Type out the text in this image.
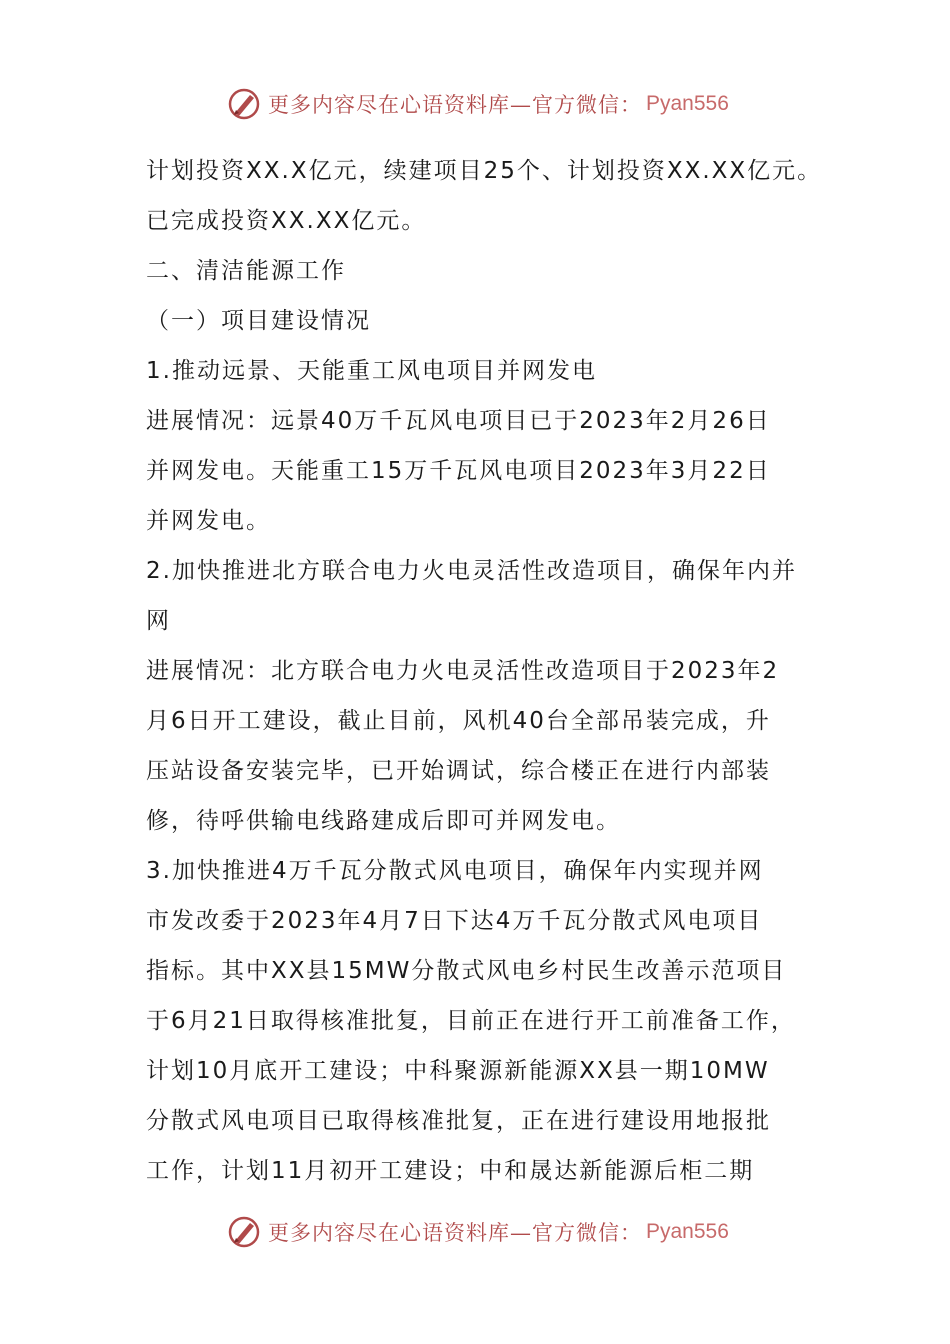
更多内容尽在心语资料库—官方微信： Pyan556
计划投资XX.X亿元，续建项目25个、计划投资XX.XX亿元。
已完成投资XX.XX亿元。
二、清洁能源工作
（一）项目建设情况
1.推动远景、天能重工风电项目并网发电
进展情况：远景40万千瓦风电项目已于2023年2月26日
并网发电。天能重工15万千瓦风电项目2023年3月22日
并网发电。
2.加快推进北方联合电力火电灵活性改造项目，确保年内并
网
进展情况：北方联合电力火电灵活性改造项目于2023年2
月6日开工建设，截止目前，风机40台全部吊装完成，升
压站设备安装完毕，已开始调试，综合楼正在进行内部装
修，待呼供输电线路建成后即可并网发电。
3.加快推进4万千瓦分散式风电项目，确保年内实现并网
市发改委于2023年4月7日下达4万千瓦分散式风电项目
指标。其中XX县15MW分散式风电乡村民生改善示范项目
于6月21日取得核准批复，目前正在进行开工前准备工作，
计划10月底开工建设；中科聚源新能源XX县一期10MW
分散式风电项目已取得核准批复，正在进行建设用地报批
工作，计划11月初开工建设；中和晟达新能源后柜二期
更多内容尽在心语资料库—官方微信： Pyan556
